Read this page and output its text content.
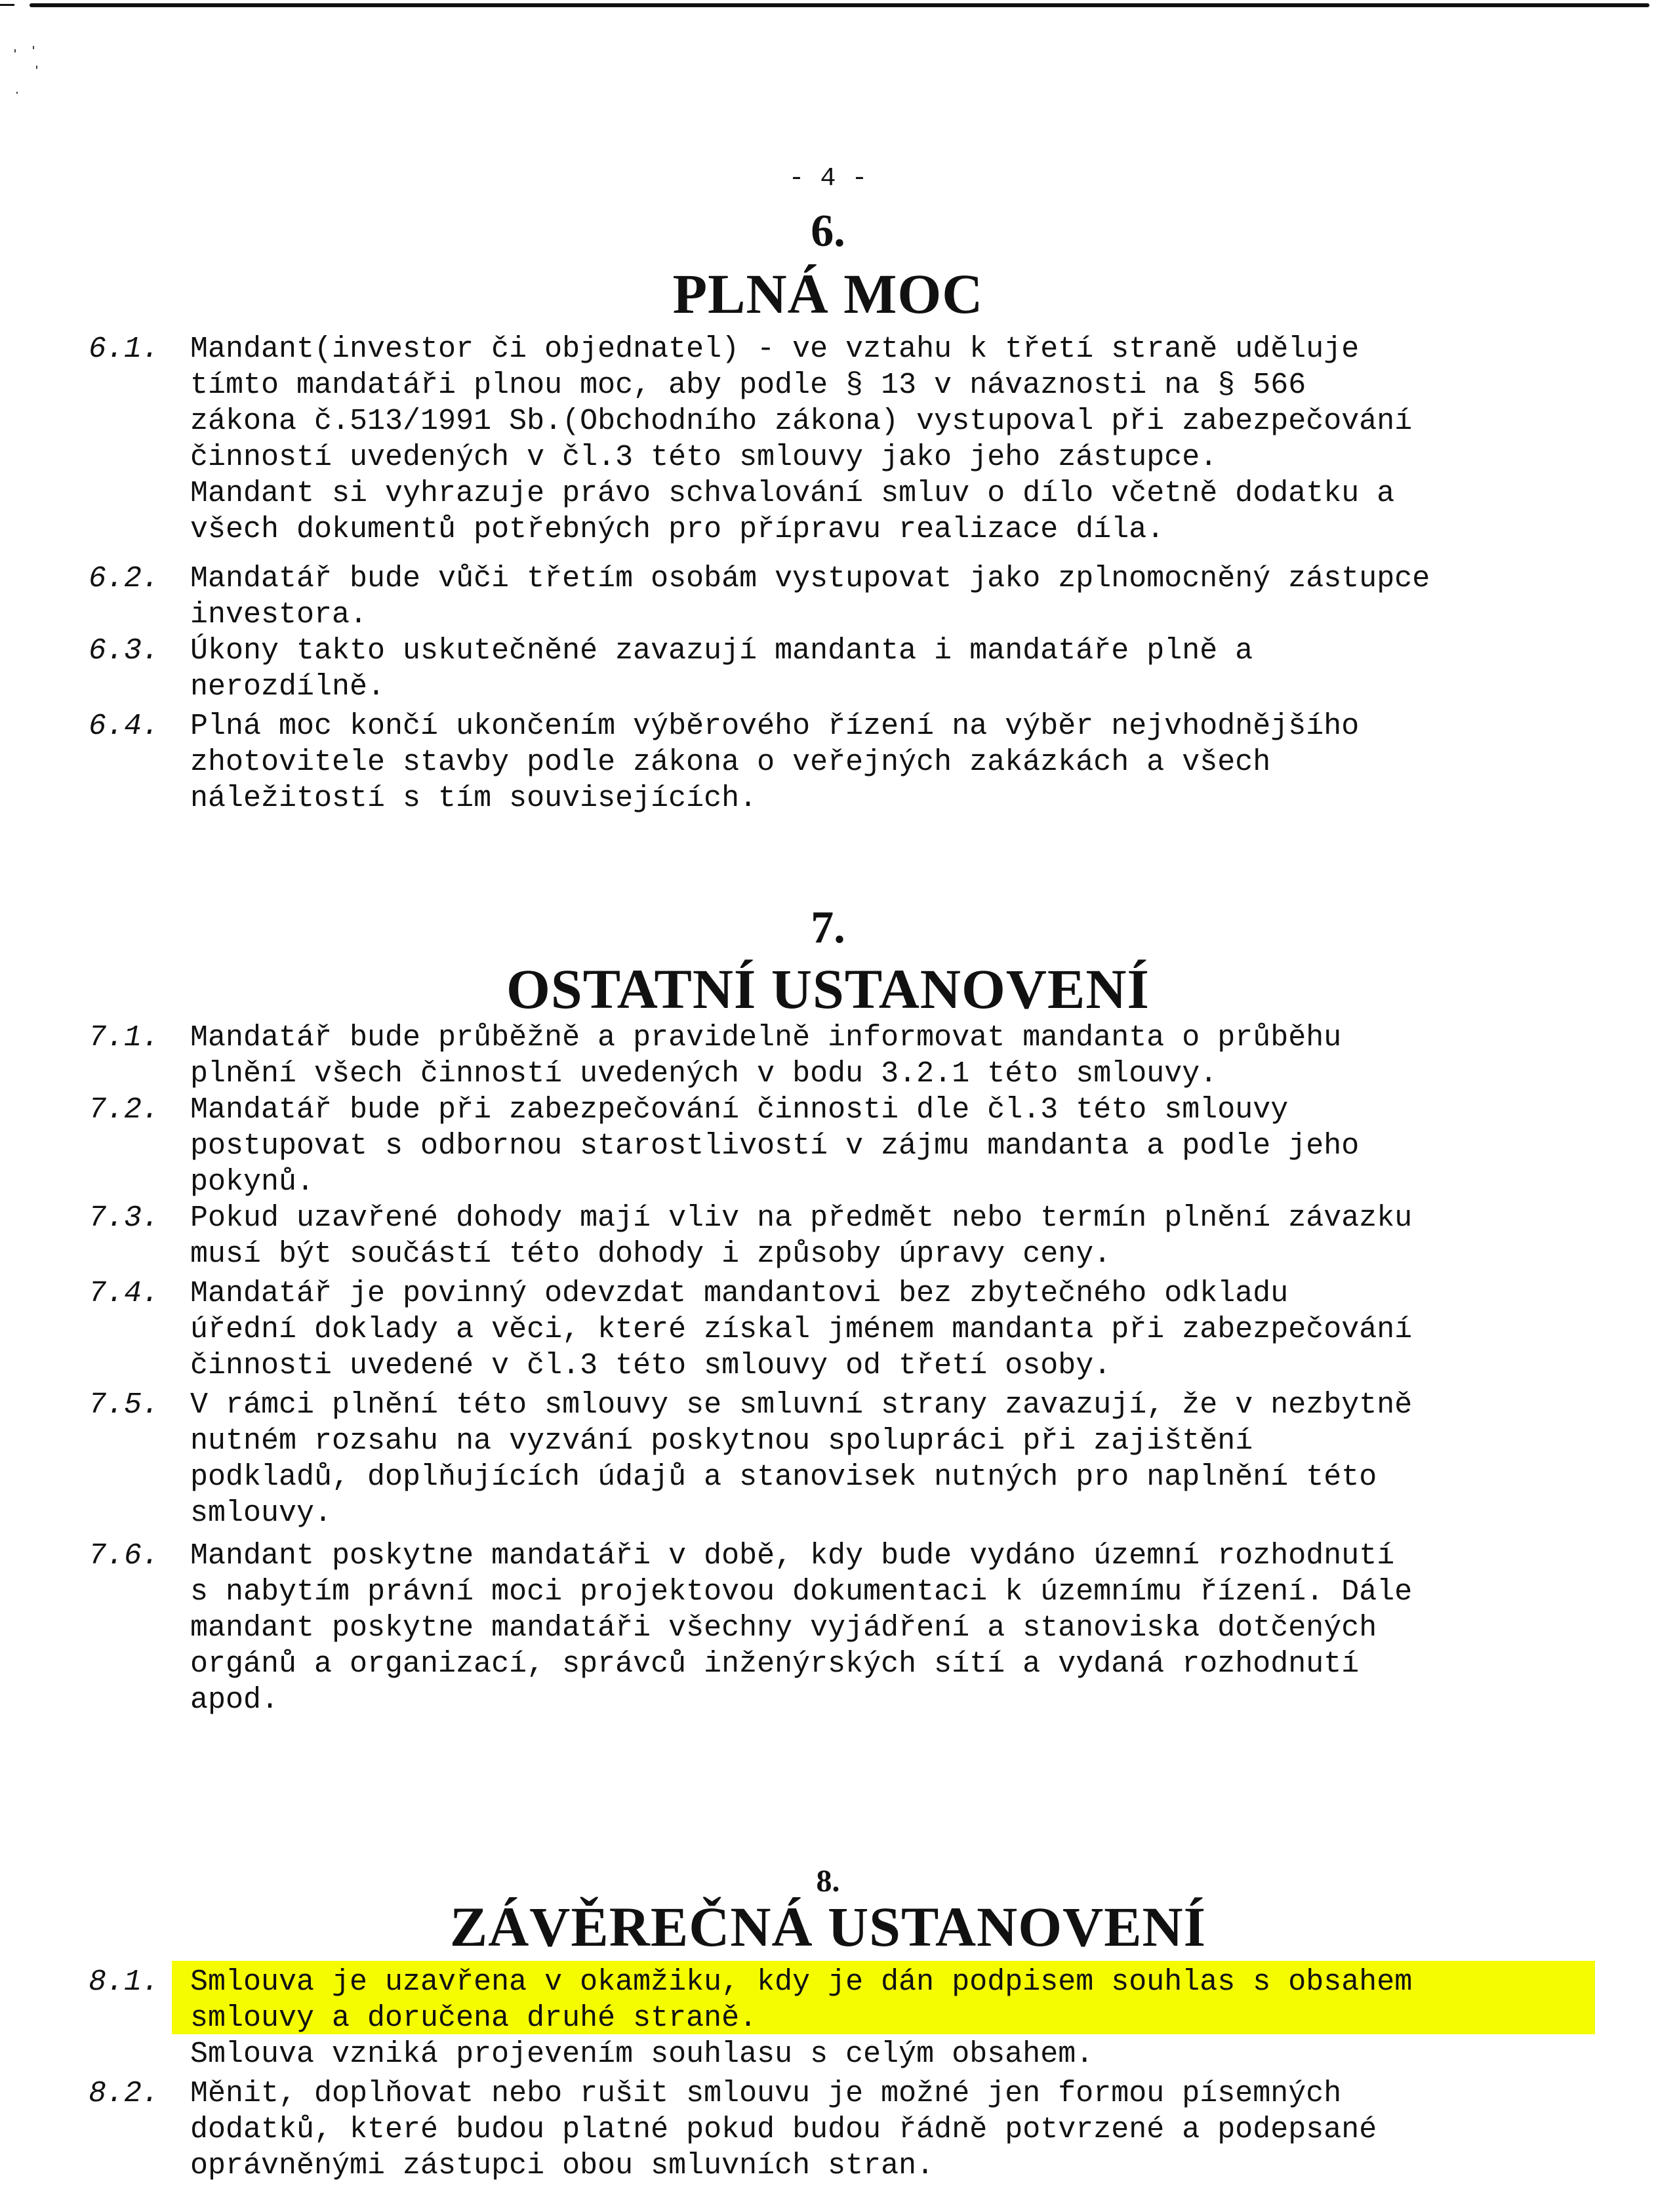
- 4 -
6.
PLNÁ MOC
6.1. Mandant(investor či objednatel) - ve vztahu k třetí straně uděluje
tímto mandatáři plnou moc, aby podle § 13 v návaznosti na § 566
zákona č.513/1991 Sb.(Obchodního zákona) vystupoval při zabezpečování
činností uvedených v čl.3 této smlouvy jako jeho zástupce.
Mandant si vyhrazuje právo schvalování smluv o dílo včetně dodatku a
všech dokumentů potřebných pro přípravu realizace díla.
6.2. Mandatář bude vůči třetím osobám vystupovat jako zplnomocněný zástupce
investora.
6.3. Úkony takto uskutečněné zavazují mandanta i mandatáře plně a
nerozdílně.
6.4. Plná moc končí ukončením výběrového řízení na výběr nejvhodnějšího
zhotovitele stavby podle zákona o veřejných zakázkách a všech
náležitostí s tím souvisejících.
7.
OSTATNÍ USTANOVENÍ
7.1. Mandatář bude průběžně a pravidelně informovat mandanta o průběhu
plnění všech činností uvedených v bodu 3.2.1 této smlouvy.
7.2. Mandatář bude při zabezpečování činnosti dle čl.3 této smlouvy
postupovat s odbornou starostlivostí v zájmu mandanta a podle jeho
pokynů.
7.3. Pokud uzavřené dohody mají vliv na předmět nebo termín plnění závazku
musí být součástí této dohody i způsoby úpravy ceny.
7.4. Mandatář je povinný odevzdat mandantovi bez zbytečného odkladu
úřední doklady a věci, které získal jménem mandanta při zabezpečování
činnosti uvedené v čl.3 této smlouvy od třetí osoby.
7.5. V rámci plnění této smlouvy se smluvní strany zavazují, že v nezbytně
nutném rozsahu na vyzvání poskytnou spolupráci při zajištění
podkladů, doplňujících údajů a stanovisek nutných pro naplnění této
smlouvy.
7.6. Mandant poskytne mandatáři v době, kdy bude vydáno územní rozhodnutí
s nabytím právní moci projektovou dokumentaci k územnímu řízení. Dále
mandant poskytne mandatáři všechny vyjádření a stanoviska dotčených
orgánů a organizací, správců inženýrských sítí a vydaná rozhodnutí
apod.
8.
ZÁVĚREČNÁ USTANOVENÍ
8.1. Smlouva je uzavřena v okamžiku, kdy je dán podpisem souhlas s obsahem
smlouvy a doručena druhé straně.
Smlouva vzniká projevením souhlasu s celým obsahem.
8.2. Měnit, doplňovat nebo rušit smlouvu je možné jen formou písemných
dodatků, které budou platné pokud budou řádně potvrzené a podepsané
oprávněnými zástupci obou smluvních stran.
